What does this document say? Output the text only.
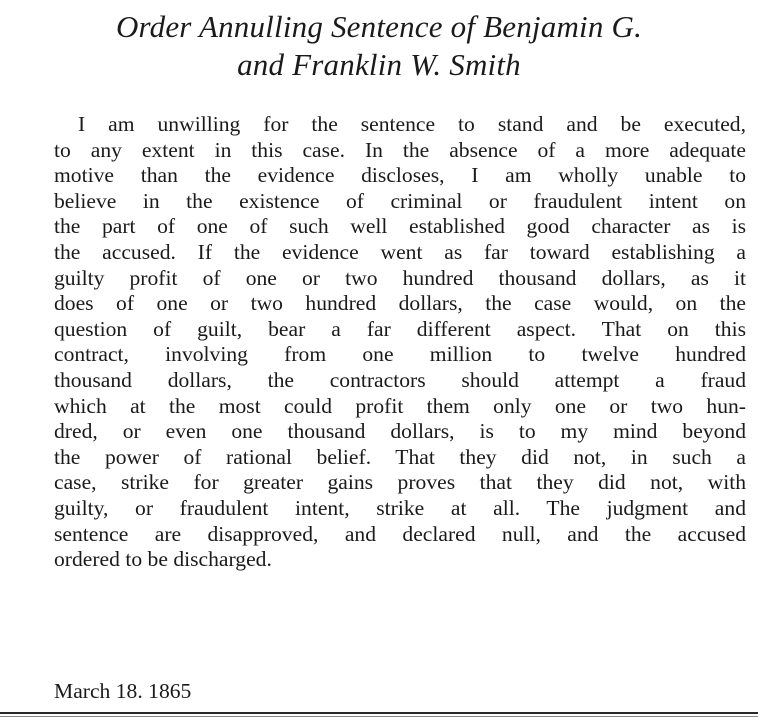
Order Annulling Sentence of Benjamin G.
and Franklin W. Smith

I am unwilling for the sentence to stand and be executed,
to any extent in this case. In the absence of a more adequate
motive than the evidence discloses, I am wholly unable to
believe in the existence of criminal or fraudulent intent on
the part of one of such well established good character as is
the accused. If the evidence went as far toward establishing a
guilty profit of one or two hundred thousand dollars, as it
does of one or two hundred dollars, the case would, on the
question of guilt, bear a far different aspect. That on this
contract, involving from one million to twelve hundred
thousand dollars, the contractors should attempt a fraud
which at the most could profit them only one or two hun-
dred, or even one thousand dollars, is to my mind beyond
the power of rational belief. That they did not, in such a
case, strike for greater gains proves that they did not, with
guilty, or fraudulent intent, strike at all. The judgment and
sentence are disapproved, and declared null, and the accused
ordered to be discharged.

March 18. 1865
